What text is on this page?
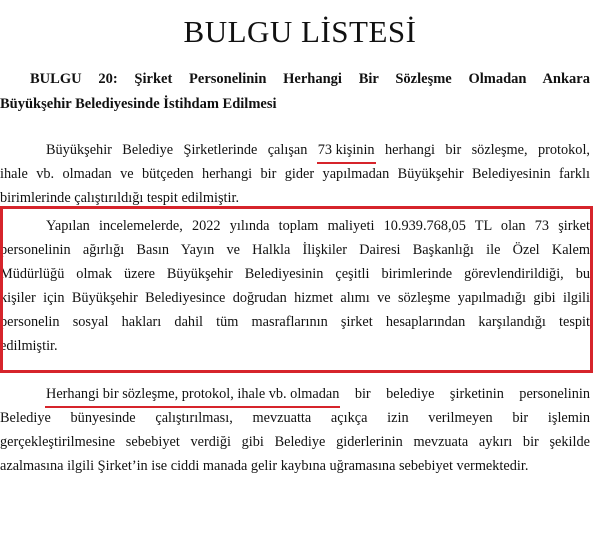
BULGU LİSTESİ
BULGU 20: Şirket Personelinin Herhangi Bir Sözleşme Olmadan Ankara
Büyükşehir Belediyesinde İstihdam Edilmesi
Büyükşehir Belediye Şirketlerinde çalışan 73 kişinin herhangi bir sözleşme, protokol,
ihale vb. olmadan ve bütçeden herhangi bir gider yapılmadan Büyükşehir Belediyesinin farklı
birimlerinde çalıştırıldığı tespit edilmiştir.
Yapılan incelemelerde, 2022 yılında toplam maliyeti 10.939.768,05 TL olan 73 şirket
personelinin ağırlığı Basın Yayın ve Halkla İlişkiler Dairesi Başkanlığı ile Özel Kalem
Müdürlüğü olmak üzere Büyükşehir Belediyesinin çeşitli birimlerinde görevlendirildiği, bu
kişiler için Büyükşehir Belediyesince doğrudan hizmet alımı ve sözleşme yapılmadığı gibi ilgili
personelin sosyal hakları dahil tüm masraflarının şirket hesaplarından karşılandığı tespit
edilmiştir.
Herhangi bir sözleşme, protokol, ihale vb. olmadan bir belediye şirketinin personelinin
Belediye bünyesinde çalıştırılması, mevzuatta açıkça izin verilmeyen bir işlemin
gerçekleştirilmesine sebebiyet verdiği gibi Belediye giderlerinin mevzuata aykırı bir şekilde
azalmasına ilgili Şirket’in ise ciddi manada gelir kaybına uğramasına sebebiyet vermektedir.
